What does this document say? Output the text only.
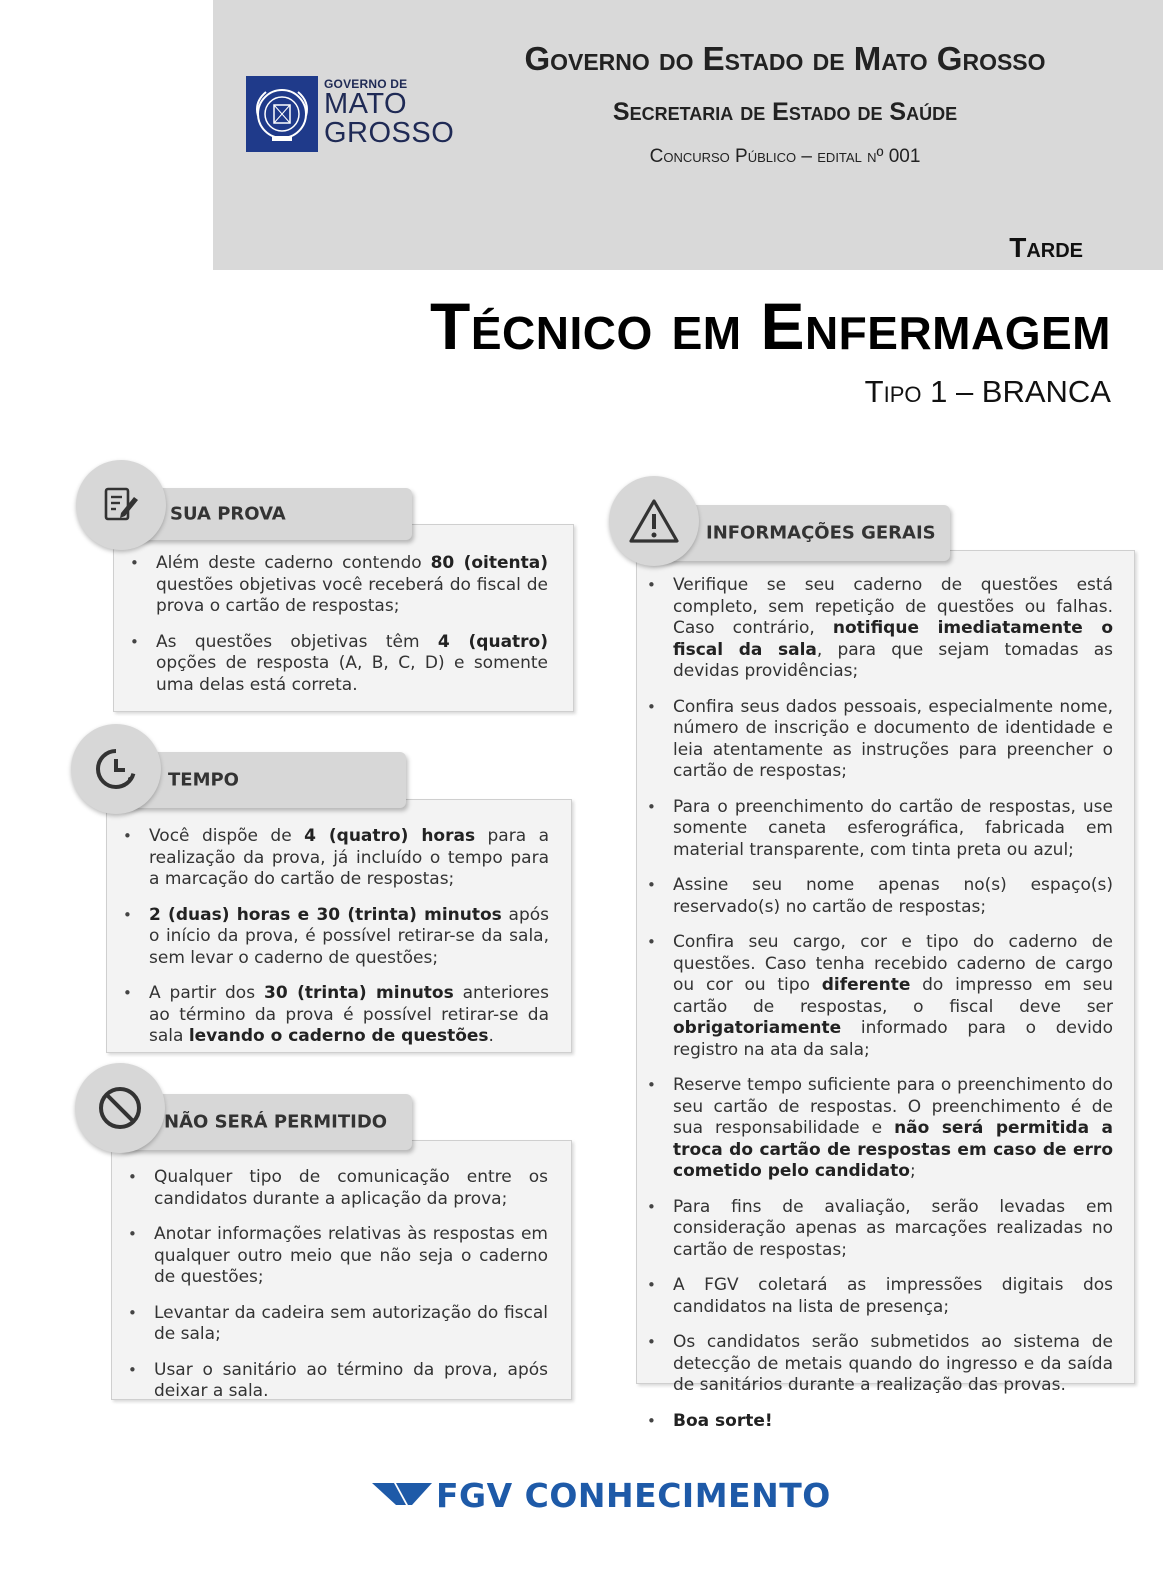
GOVERNO DE
MATO
GROSSO
Governo do Estado de Mato Grosso
Secretaria de Estado de Saúde
Concurso Público – edital nº 001
Tarde
Técnico em Enfermagem
Tipo 1 – BRANCA
• Além deste caderno contendo 80 (oitenta) questões objetivas você receberá do fiscal de prova o cartão de respostas;
• As questões objetivas têm 4 (quatro) opções de resposta (A, B, C, D) e somente uma delas está correta.
SUA PROVA
• Você dispõe de 4 (quatro) horas para a realização da prova, já incluído o tempo para a marcação do cartão de respostas;
• 2 (duas) horas e 30 (trinta) minutos após o início da prova, é possível retirar-se da sala, sem levar o caderno de questões;
• A partir dos 30 (trinta) minutos anteriores ao término da prova é possível retirar-se da sala levando o caderno de questões.
TEMPO
• Qualquer tipo de comunicação entre os candidatos durante a aplicação da prova;
• Anotar informações relativas às respostas em qualquer outro meio que não seja o caderno de questões;
• Levantar da cadeira sem autorização do fiscal de sala;
• Usar o sanitário ao término da prova, após deixar a sala.
NÃO SERÁ PERMITIDO
• Verifique se seu caderno de questões está completo, sem repetição de questões ou falhas. Caso contrário, notifique imediatamente o fiscal da sala, para que sejam tomadas as devidas providências;
• Confira seus dados pessoais, especialmente nome, número de inscrição e documento de identidade e leia atentamente as instruções para preencher o cartão de respostas;
• Para o preenchimento do cartão de respostas, use somente caneta esferográfica, fabricada em material transparente, com tinta preta ou azul;
• Assine seu nome apenas no(s) espaço(s) reservado(s) no cartão de respostas;
• Confira seu cargo, cor e tipo do caderno de questões. Caso tenha recebido caderno de cargo ou cor ou tipo diferente do impresso em seu cartão de respostas, o fiscal deve ser obrigatoriamente informado para o devido registro na ata da sala;
• Reserve tempo suficiente para o preenchimento do seu cartão de respostas. O preenchimento é de sua responsabilidade e não será permitida a troca do cartão de respostas em caso de erro cometido pelo candidato;
• Para fins de avaliação, serão levadas em consideração apenas as marcações realizadas no cartão de respostas;
• A FGV coletará as impressões digitais dos candidatos na lista de presença;
• Os candidatos serão submetidos ao sistema de detecção de metais quando do ingresso e da saída de sanitários durante a realização das provas.
• Boa sorte!
INFORMAÇÕES GERAIS
FGV CONHECIMENTO
